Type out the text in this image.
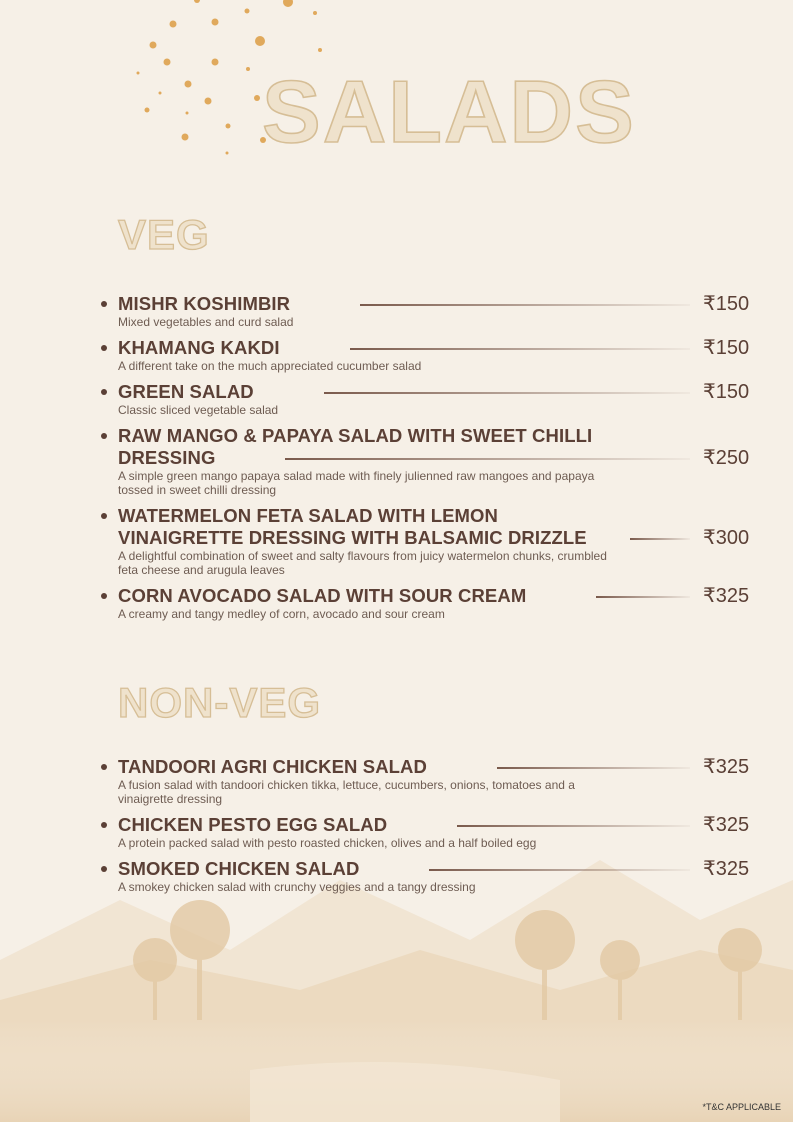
SALADS
VEG
MISHR KOSHIMBIR
Mixed vegetables and curd salad
₹150
KHAMANG KAKDI
A different take on the much appreciated cucumber salad
₹150
GREEN SALAD
Classic sliced vegetable salad
₹150
RAW MANGO & PAPAYA SALAD WITH SWEET CHILLI DRESSING
A simple green mango papaya salad made with finely julienned raw mangoes and papaya tossed in sweet chilli dressing
₹250
WATERMELON FETA SALAD WITH LEMON VINAIGRETTE DRESSING WITH BALSAMIC DRIZZLE
A delightful combination of sweet and salty flavours from juicy watermelon chunks, crumbled feta cheese and arugula leaves
₹300
CORN AVOCADO SALAD WITH SOUR CREAM
A creamy and tangy medley of corn, avocado and sour cream
₹325
NON-VEG
TANDOORI AGRI CHICKEN SALAD
A fusion salad with tandoori chicken tikka, lettuce, cucumbers, onions, tomatoes and a vinaigrette dressing
₹325
CHICKEN PESTO EGG SALAD
A protein packed salad with pesto roasted chicken, olives and a half boiled egg
₹325
SMOKED CHICKEN SALAD
A smokey chicken salad with crunchy veggies and a tangy dressing
₹325
*T&C APPLICABLE
